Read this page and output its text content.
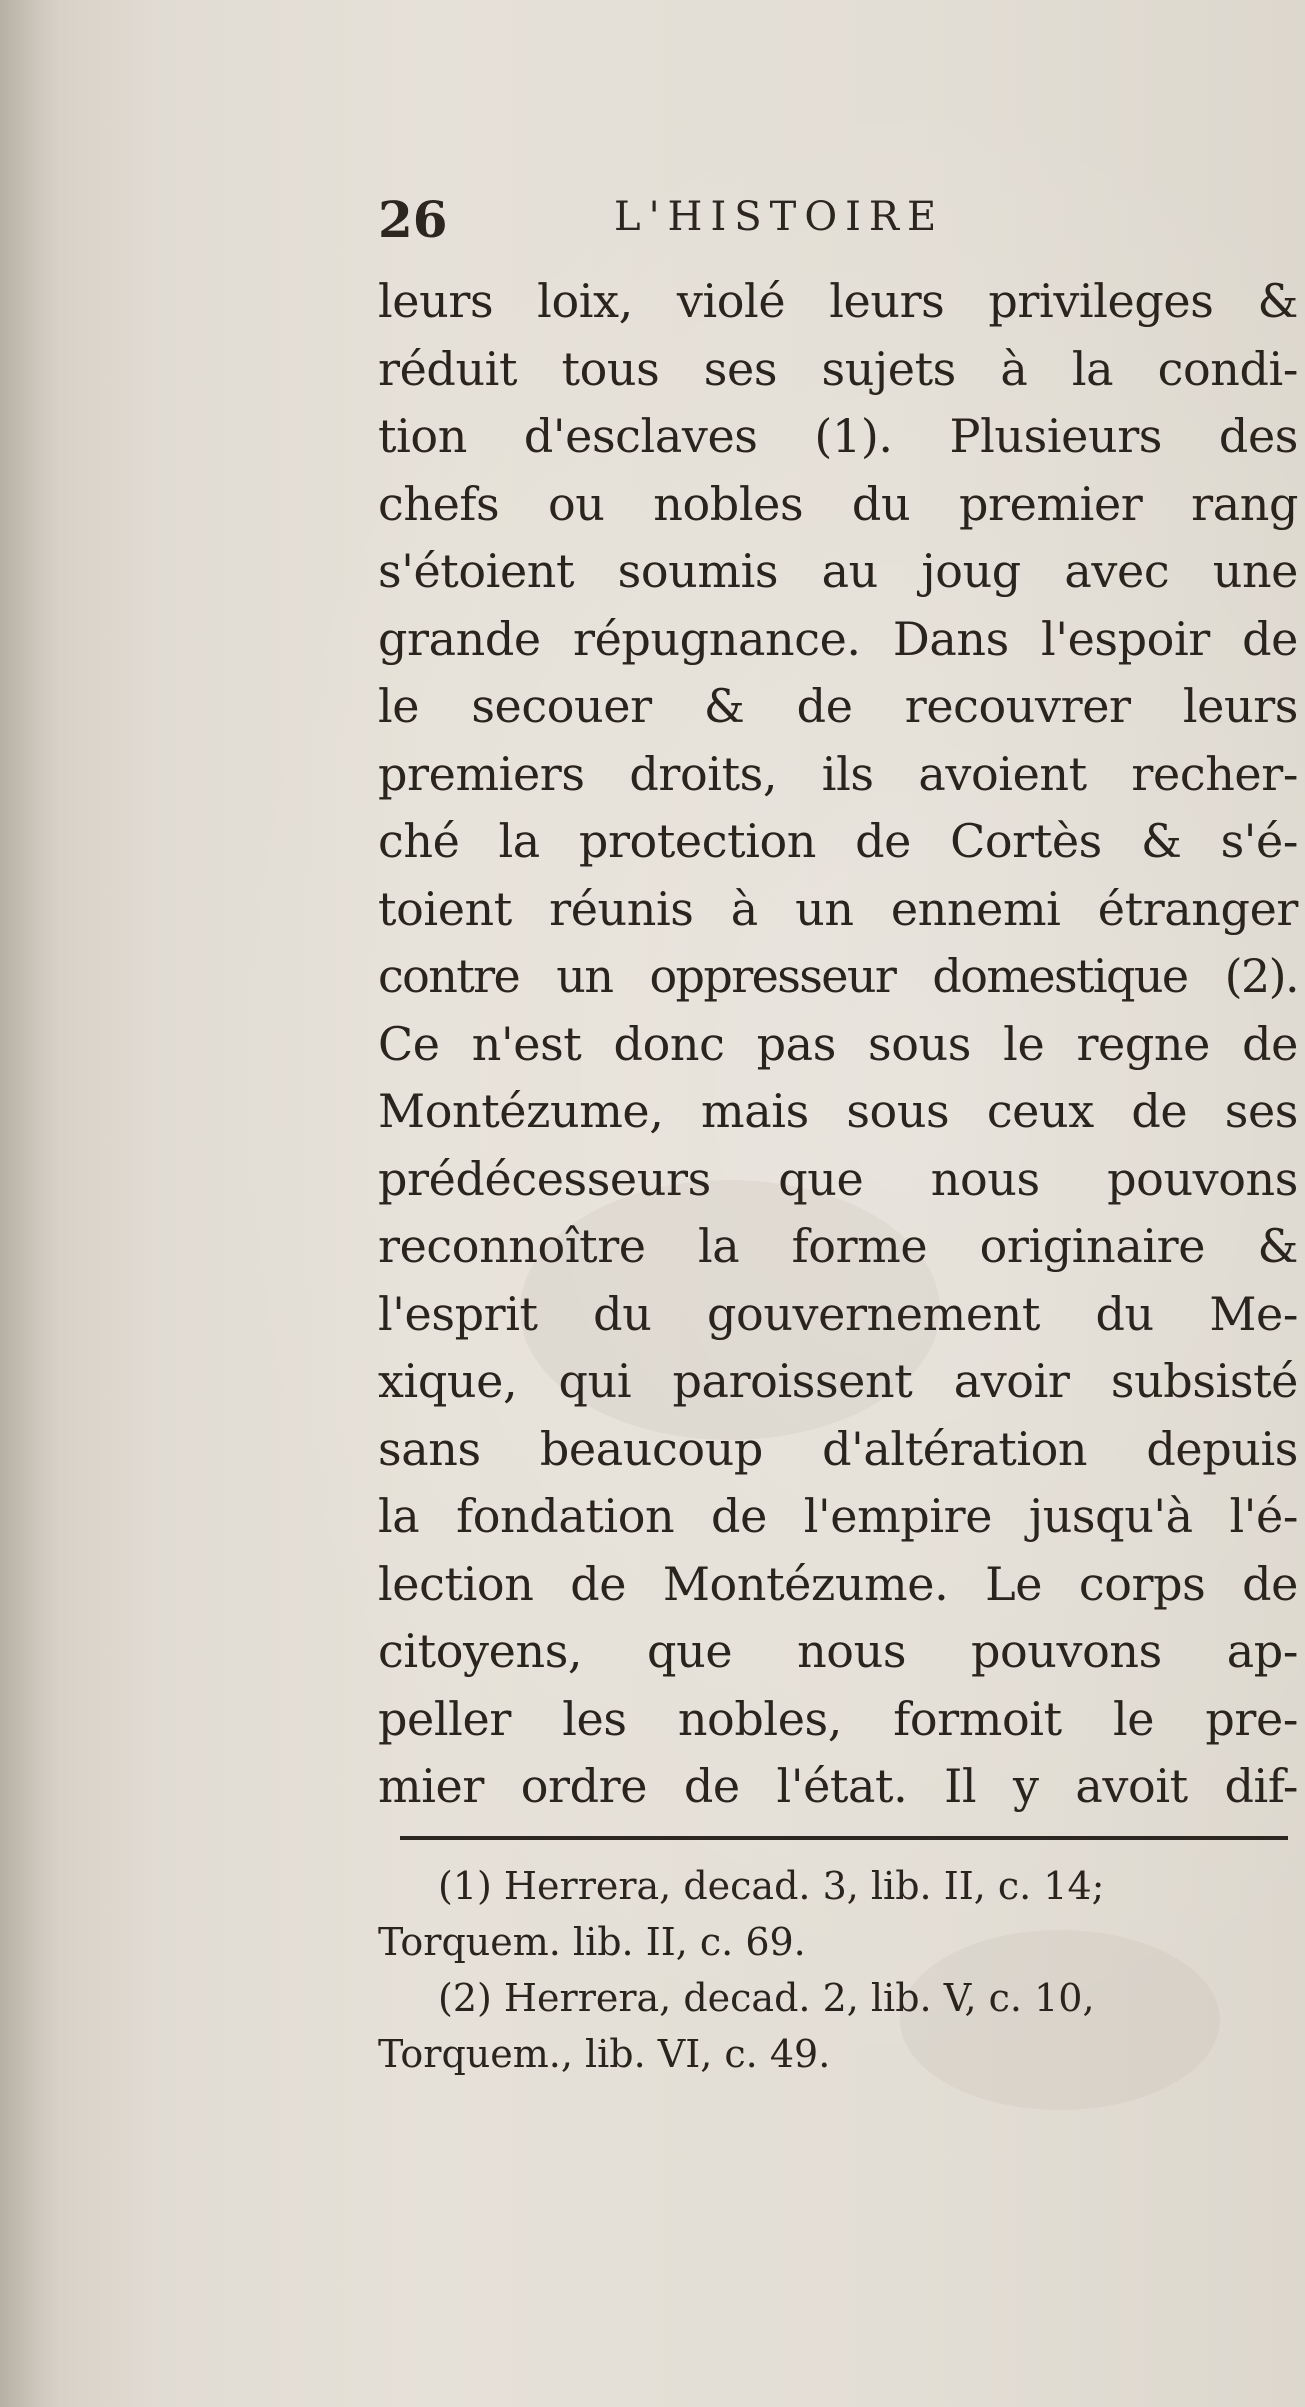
26	L'HISTOIRE
leurs loix, violé leurs privileges &
réduit tous ses sujets à la condi-
tion d'esclaves (1). Plusieurs des
chefs ou nobles du premier rang
s'étoient soumis au joug avec une
grande répugnance. Dans l'espoir de
le secouer & de recouvrer leurs
premiers droits, ils avoient recher-
ché la protection de Cortès & s'é-
toient réunis à un ennemi étranger
contre un oppresseur domestique (2).
Ce n'est donc pas sous le regne de
Montézume, mais sous ceux de ses
prédécesseurs que nous pouvons
reconnoître la forme originaire &
l'esprit du gouvernement du Me-
xique, qui paroissent avoir subsisté
sans beaucoup d'altération depuis
la fondation de l'empire jusqu'à l'é-
lection de Montézume. Le corps de
citoyens, que nous pouvons ap-
peller les nobles, formoit le pre-
mier ordre de l'état. Il y avoit dif-
(1) Herrera, decad. 3, lib. II, c. 14;
Torquem. lib. II, c. 69.
(2) Herrera, decad. 2, lib. V, c. 10,
Torquem., lib. VI, c. 49.
